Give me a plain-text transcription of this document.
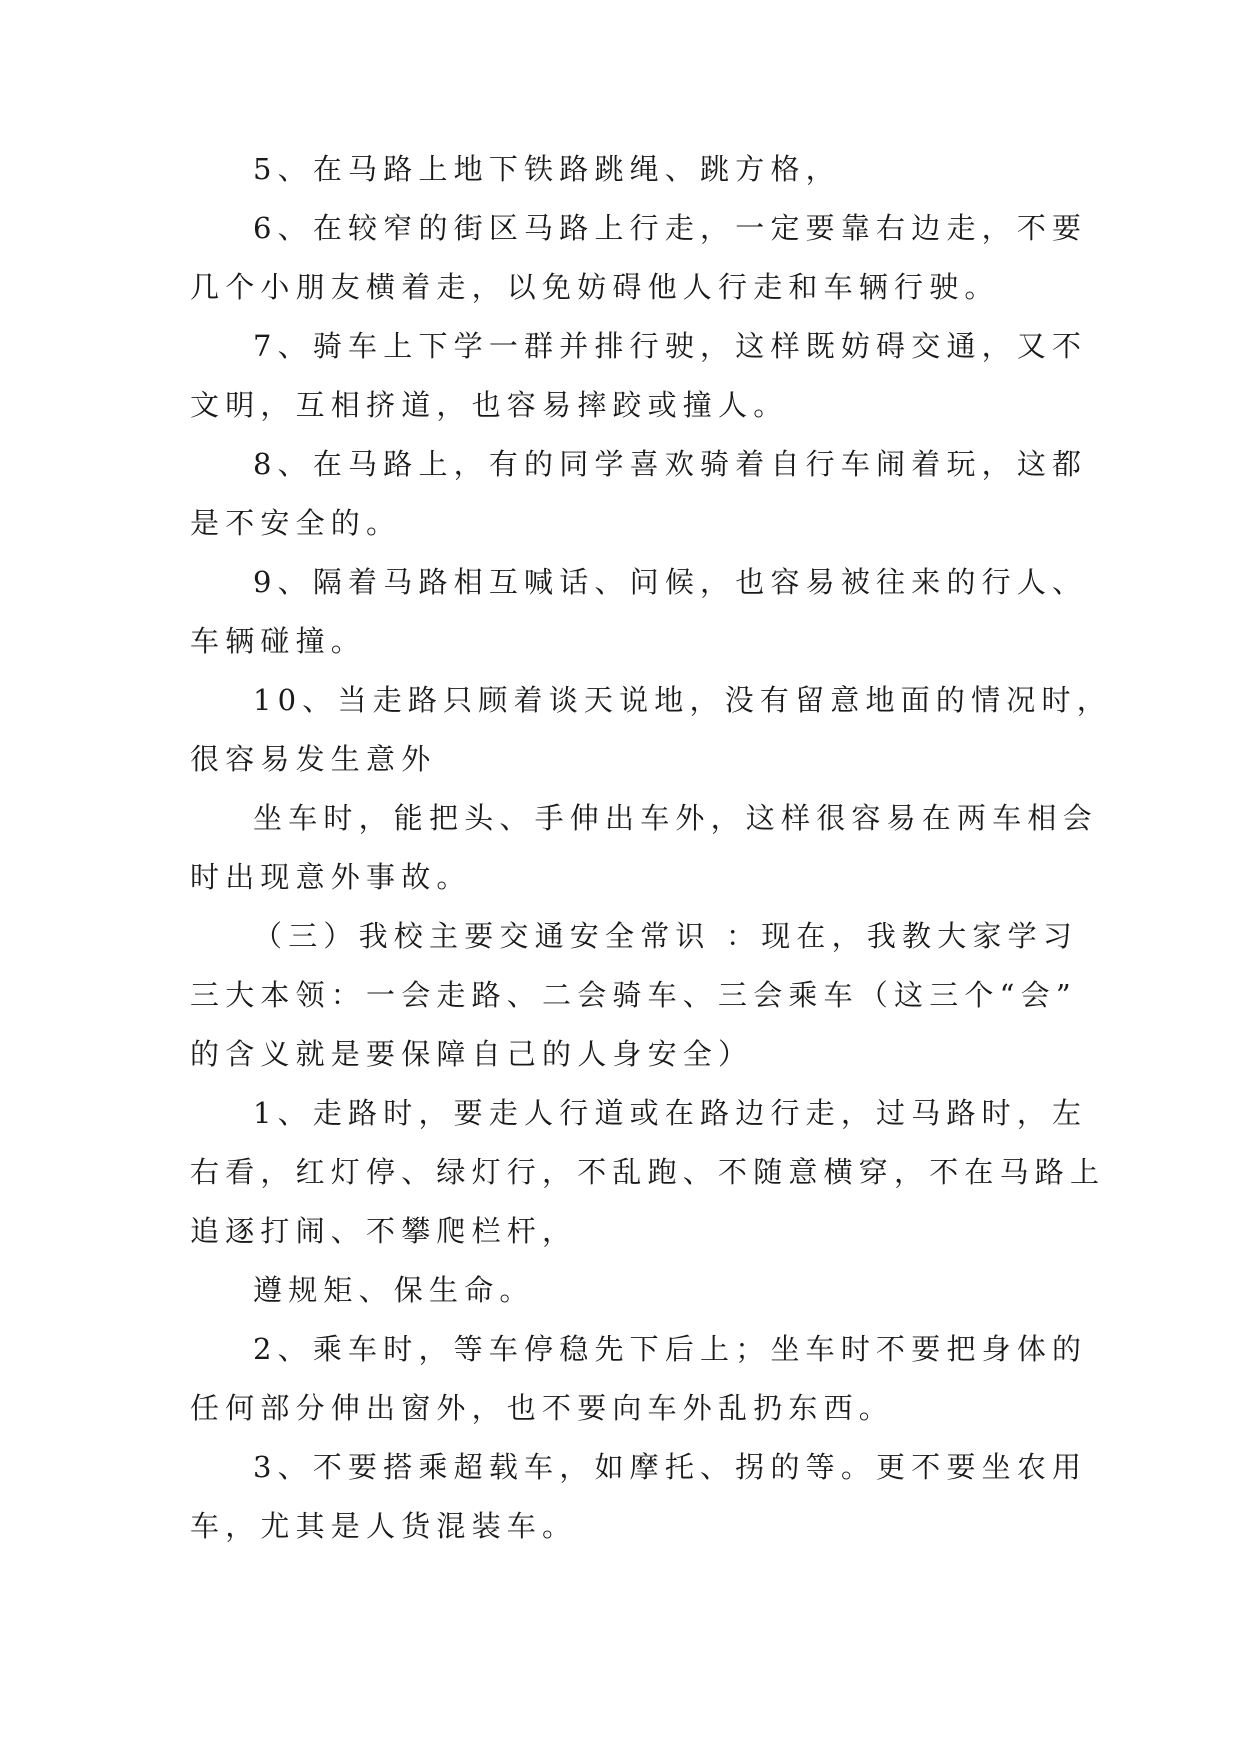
5、在马路上地下铁路跳绳、跳方格，
6、在较窄的街区马路上行走，一定要靠右边走，不要
几个小朋友横着走，以免妨碍他人行走和车辆行驶。
7、骑车上下学一群并排行驶，这样既妨碍交通，又不
文明，互相挤道，也容易摔跤或撞人。
8、在马路上，有的同学喜欢骑着自行车闹着玩，这都
是不安全的。
9、隔着马路相互喊话、问候，也容易被往来的行人、
车辆碰撞。
10、当走路只顾着谈天说地，没有留意地面的情况时，
很容易发生意外
坐车时，能把头、手伸出车外，这样很容易在两车相会
时出现意外事故。
（三）我校主要交通安全常识 ：现在，我教大家学习
三大本领：一会走路、二会骑车、三会乘车（这三个“会”
的含义就是要保障自己的人身安全）
1、走路时，要走人行道或在路边行走，过马路时，左
右看，红灯停、绿灯行，不乱跑、不随意横穿，不在马路上
追逐打闹、不攀爬栏杆，
遵规矩、保生命。
2、乘车时，等车停稳先下后上；坐车时不要把身体的
任何部分伸出窗外，也不要向车外乱扔东西。
3、不要搭乘超载车，如摩托、拐的等。更不要坐农用
车，尤其是人货混装车。
